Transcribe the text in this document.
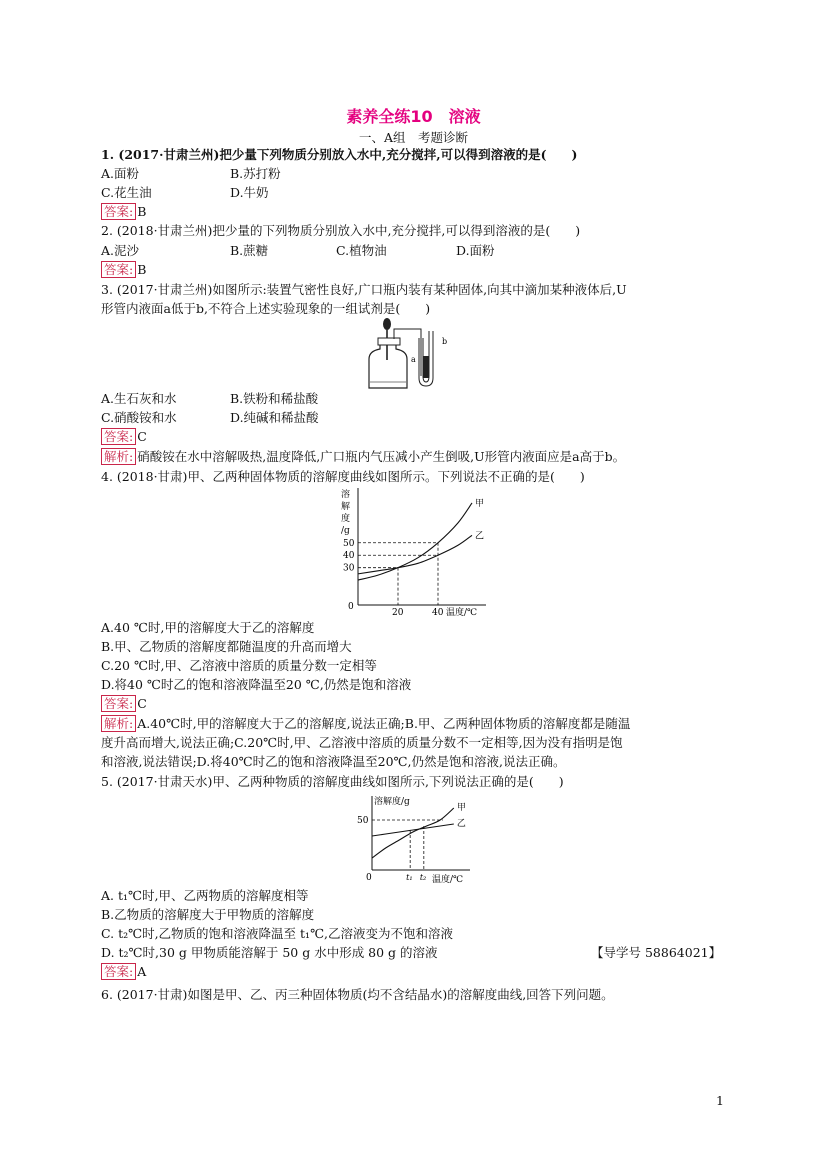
素养全练10　溶液
一、A组　考题诊断
1. (2017·甘肃兰州)把少量下列物质分别放入水中,充分搅拌,可以得到溶液的是(　　)
A.面粉	B.苏打粉
C.花生油	D.牛奶
答案: B
2. (2018·甘肃兰州)把少量的下列物质分别放入水中,充分搅拌,可以得到溶液的是(　　)
A.泥沙	B.蔗糖	C.植物油	D.面粉
答案: B
3. (2017·甘肃兰州)如图所示:装置气密性良好,广口瓶内装有某种固体,向其中滴加某种液体后,U
形管内液面a低于b,不符合上述实验现象的一组试剂是(　　)
a
b
A.生石灰和水	B.铁粉和稀盐酸
C.硝酸铵和水	D.纯碱和稀盐酸
答案: C
解析: 硝酸铵在水中溶解吸热,温度降低,广口瓶内气压减小产生倒吸,U形管内液面应是a高于b。
4. (2018·甘肃)甲、乙两种固体物质的溶解度曲线如图所示。下列说法不正确的是(　　)
溶
解
度
/g
0
温度/℃
30
40
50
20	40
甲
乙
A.40 ℃时,甲的溶解度大于乙的溶解度
B.甲、乙物质的溶解度都随温度的升高而增大
C.20 ℃时,甲、乙溶液中溶质的质量分数一定相等
D.将40 ℃时乙的饱和溶液降温至20 ℃,仍然是饱和溶液
答案: C
解析: A.40℃时,甲的溶解度大于乙的溶解度,说法正确;B.甲、乙两种固体物质的溶解度都是随温
度升高而增大,说法正确;C.20℃时,甲、乙溶液中溶质的质量分数不一定相等,因为没有指明是饱
和溶液,说法错误;D.将40℃时乙的饱和溶液降温至20℃,仍然是饱和溶液,说法正确。
5. (2017·甘肃天水)甲、乙两种物质的溶解度曲线如图所示,下列说法正确的是(　　)
溶解度/g
0	温度/℃
50
t₁ t₂
甲
乙
A. t₁℃时,甲、乙两物质的溶解度相等
B.乙物质的溶解度大于甲物质的溶解度
C. t₂℃时,乙物质的饱和溶液降温至 t₁℃,乙溶液变为不饱和溶液
D. t₂℃时,30 g 甲物质能溶解于 50 g 水中形成 80 g 的溶液	【导学号 58864021】
答案: A
6. (2017·甘肃)如图是甲、乙、丙三种固体物质(均不含结晶水)的溶解度曲线,回答下列问题。
1
